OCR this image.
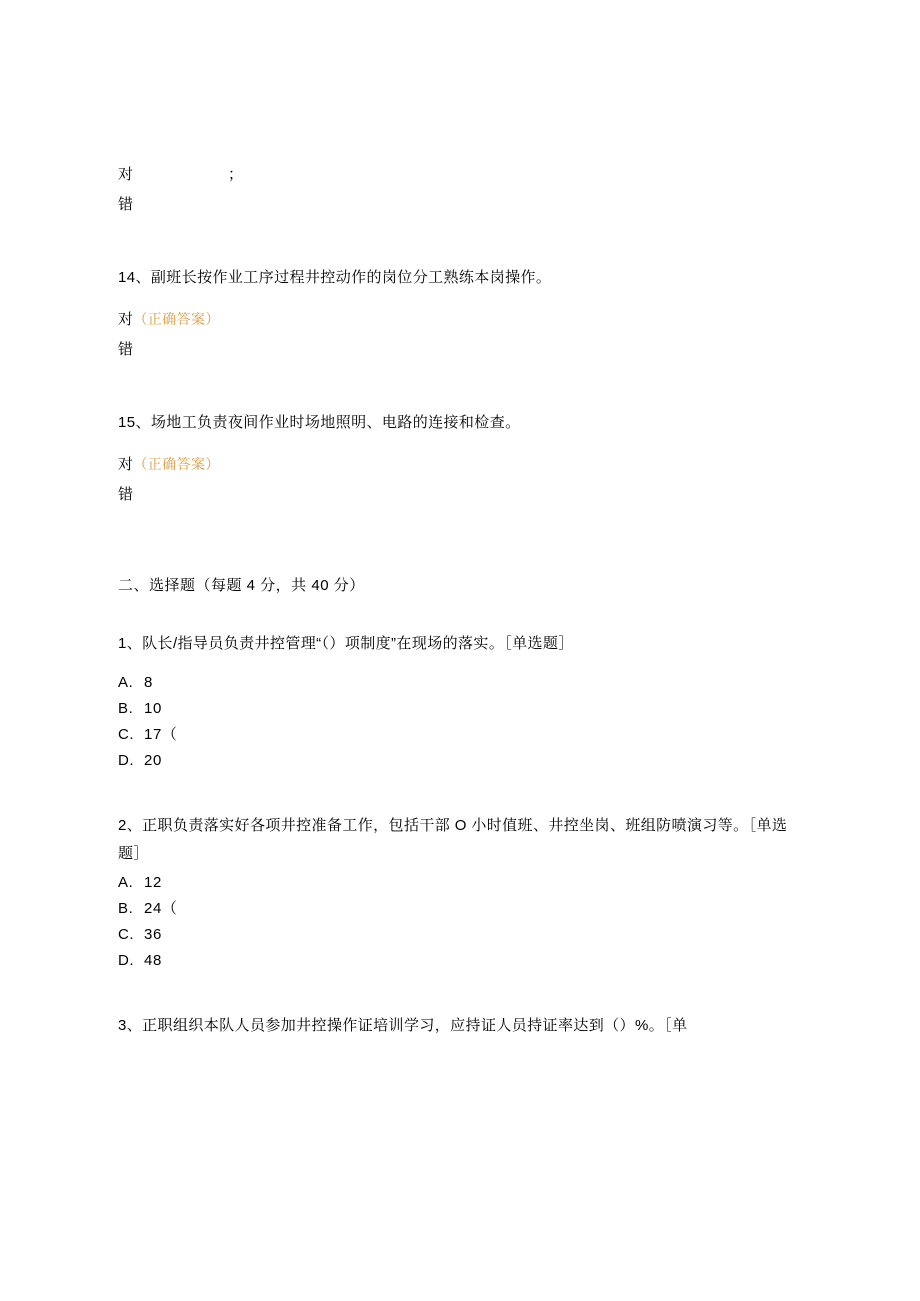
对	；
错
14、副班长按作业工序过程井控动作的岗位分工熟练本岗操作。
对（正确答案）
错
15、场地工负责夜间作业时场地照明、电路的连接和检查。
对（正确答案）
错
二、选择题（每题 4 分，共 40 分）
1、队长/指导员负责井控管理“（）项制度”在现场的落实。［单选题］
A. 8
B. 10
C. 17（
D. 20
2、正职负责落实好各项井控准备工作，包括干部 O 小时值班、井控坐岗、班组防喷演习等。［单选题］
A. 12
B. 24（
C. 36
D. 48
3、正职组织本队人员参加井控操作证培训学习，应持证人员持证率达到（）%。［单
